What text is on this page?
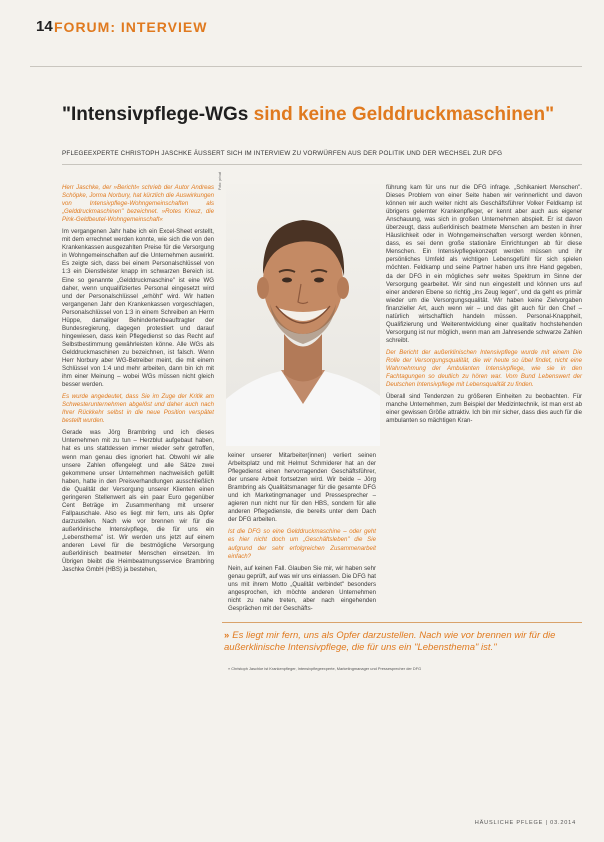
14 FORUM: INTERVIEW
"Intensivpflege-WGs sind keine Gelddruckmaschinen"
PFLEGEEXPERTE CHRISTOPH JASCHKE ÄUSSERT SICH IM INTERVIEW ZU VORWÜRFEN AUS DER POLITIK UND DER WECHSEL ZUR DFG

Herr Jaschke, der »Bericht« schrieb der Autor Andreas Schöpke, Jorma Norbury, hat kürzlich die Auswirkungen von Intensivpflege-Wohngemeinschaften als „Gelddruckmaschinen" bezeichnet. »Rotes Kreuz, die Pink-Geldbeutel-Wohngemeinschaft«

Im vergangenen Jahr habe ich ein Excel-Sheet erstellt, mit dem errechnet werden konnte, wie sich die von den Krankenkassen ausgezahlten Preise für die Versorgung in Wohngemeinschaften auf die Unternehmen auswirkt. Es zeigte sich, dass bei einem Personalschlüssel von 1:3 ein Dienstleister knapp im schwarzen Bereich ist. Eine so genannte „Gelddruckmaschine" ist eine WG daher, wenn unqualifiziertes Personal eingesetzt wird und der Personalschlüssel „erhöht" wird. Wir hatten vergangenen Jahr den Krankenkassen vorgeschlagen, Personalschlüssel von 1:3 in einem Schreiben an Herrn Hüppe, damaliger Behindertenbeauftragter der Bundesregierung, dagegen protestiert und darauf hingewiesen, dass kein Pflegedienst so das Recht auf Selbstbestimmung gewährleisten könne. Alle WGs als Gelddruckmaschinen zu bezeichnen, ist falsch. Wenn Herr Norbury aber WG-Betreiber meint, die mit einem Schlüssel von 1:4 und mehr arbeiten, dann bin ich mit ihm einer Meinung – wobei WGs müssen nicht gleich besser werden.

Es wurde angedeutet, dass Sie im Zuge der Kritik am Schwesterunternehmen abgelöst und daher auch nach Ihrer Rückkehr selbst in die neue Position verspätet bestellt wurden.

Gerade was Jörg Brambring und ich dieses Unternehmen mit zu tun – Herzblut aufgebaut haben, hat es uns stattdessen immer wieder sehr getroffen, wenn man genau dies ignoriert hat. Obwohl wir alle unsere Zahlen offengelegt und alle Sätze zwei gekommene unser Unternehmen nachweislich gefüllt haben, hatte in den Preisverhandlungen ausschließlich die Qualität der Versorgung unserer Klienten einen geringeren Stellenwert als ein paar Euro gegenüber Cent Beträge im Zusammenhang mit unserer Fallpauschale. Also es liegt mir fern, uns als Opfer darzustellen. Nach wie vor brennen wir für die außerklinische Intensivpflege, die für uns ein „Lebensthema" ist. Wir werden uns jetzt auf einem anderen Level für die bestmögliche Versorgung außerklinisch beatmeter Menschen einsetzen. Im Übrigen bleibt die Heimbeatmungsservice Brambring Jaschke GmbH (HBS) ja bestehen,

Foto: privat

keiner unserer Mitarbeiter(innen) verliert seinen Arbeitsplatz und mit Helmut Schmiderer hat an der Pflegedienst einen hervorragenden Geschäftsführer, der unsere Arbeit fortsetzen wird. Wir beide – Jörg Brambring als Qualitätsmanager für die gesamte DFG und ich Marketingmanager und Pressesprecher – agieren nun nicht nur für den HBS, sondern für alle anderen Pflegedienste, die bereits unter dem Dach der DFG arbeiten.

Ist die DFG so eine Gelddruckmaschine – oder geht es hier nicht doch um „Geschäftsleben" die Sie aufgrund der sehr erfolgreichen Zusammenarbeit einfach?

Nein, auf keinen Fall. Glauben Sie mir, wir haben sehr genau geprüft, auf was wir uns einlassen. Die DFG hat uns mit ihrem Motto „Qualität verbindet" besonders angesprochen, ich möchte anderen Unternehmen nicht zu nahe treten, aber nach eingehenden Gesprächen mit der Geschäfts-

führung kam für uns nur die DFG infrage. „Schikaniert Menschen". Dieses Problem von einer Seite haben wir verinnerlicht und davon können wir auch weiter nicht als Geschäftsführer Volker Feldkamp ist übrigens gelernter Krankenpfleger, er kennt aber auch aus eigener Anschauung, was sich in großen Unternehmen abspielt. Er ist davon überzeugt, dass außerklinisch beatmete Menschen am besten in ihrer Häuslichkeit oder in Wohngemeinschaften versorgt werden können, dass, es sei denn große stationäre Einrichtungen ab für diese Menschen. Ein Intensivpflegekonzept werden müssen und ihr persönliches Umfeld als wichtigen Lebensgefühl für sich spielen möchten. Feldkamp und seine Partner haben uns ihre Hand gegeben, da der DFG in ein mögliches sehr weites Spektrum im Sinne der Versorgung gearbeitet. Wir sind nun eingestellt und können uns auf einer anderen Ebene so richtig „ins Zeug legen", und da geht es primär wieder um die Versorgungsqualität. Wir haben keine Zielvorgaben finanzieller Art, auch wenn wir – und das gilt auch für den Chef – natürlich wirtschaftlich handeln müssen. Personal-Knappheit, Qualifizierung und Weiterentwicklung einer qualitativ hochstehenden Versorgung ist nur möglich, wenn man am Jahresende schwarze Zahlen schreibt.

Der Bericht der außerklinischen Intensivpflege wurde mit einem Die Rolle der Versorgungsqualität, die wir heute so übel findet, nicht eine Wahrnehmung der Ambulanten Intensivpflege, wie sie in den Fachtagungen so deutlich zu hören war. Vom Bund Lebenswert der Deutschen Intensivpflege mit Lebensqualität zu finden.

Überall sind Tendenzen zu größeren Einheiten zu beobachten. Für manche Unternehmen, zum Beispiel der Medizintechnik, ist man erst ab einer gewissen Größe attraktiv. Ich bin mir sicher, dass dies auch für die ambulanten so mächtigen Kran-

» Es liegt mir fern, uns als Opfer darzustellen. Nach wie vor brennen wir für die außerklinische Intensivpflege, die für uns ein "Lebensthema" ist."
» Christoph Jaschke ist Krankenpfleger, Intensivpflegeexperte, Marketingmanager und Pressesprecher der DFG
HÄUSLICHE PFLEGE | 03.2014
